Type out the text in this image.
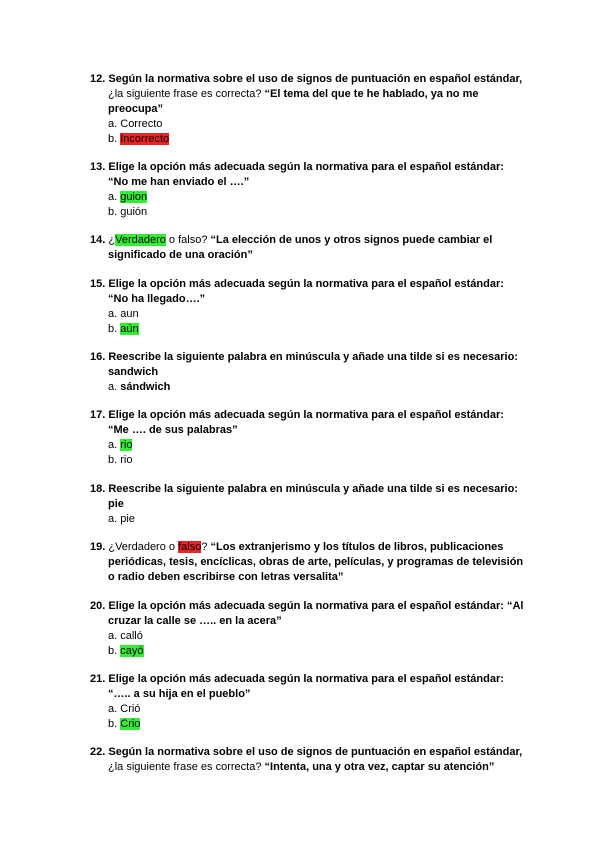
12. Según la normativa sobre el uso de signos de puntuación en español estándar,
¿la siguiente frase es correcta? “El tema del que te he hablado, ya no me
preocupa”
a. Correcto
b. Incorrecto
13. Elige la opción más adecuada según la normativa para el español estándar:
“No me han enviado el ….”
a. guion
b. guión
14. ¿Verdadero o falso? “La elección de unos y otros signos puede cambiar el
significado de una oración”
15. Elige la opción más adecuada según la normativa para el español estándar:
“No ha llegado….”
a. aun
b. aún
16. Reescribe la siguiente palabra en minúscula y añade una tilde si es necesario:
sandwich
a. sándwich
17. Elige la opción más adecuada según la normativa para el español estándar:
“Me …. de sus palabras”
a. rio
b. rio
18. Reescribe la siguiente palabra en minúscula y añade una tilde si es necesario:
pie
a. pie
19. ¿Verdadero o falso? “Los extranjerismo y los títulos de libros, publicaciones
periódicas, tesis, encíclicas, obras de arte, películas, y programas de televisión
o radio deben escribirse con letras versalita”
20. Elige la opción más adecuada según la normativa para el español estándar: “Al
cruzar la calle se ….. en la acera”
a. calló
b. cayó
21. Elige la opción más adecuada según la normativa para el español estándar:
“….. a su hija en el pueblo”
a. Crió
b. Crio
22. Según la normativa sobre el uso de signos de puntuación en español estándar,
¿la siguiente frase es correcta? “Intenta, una y otra vez, captar su atención”
